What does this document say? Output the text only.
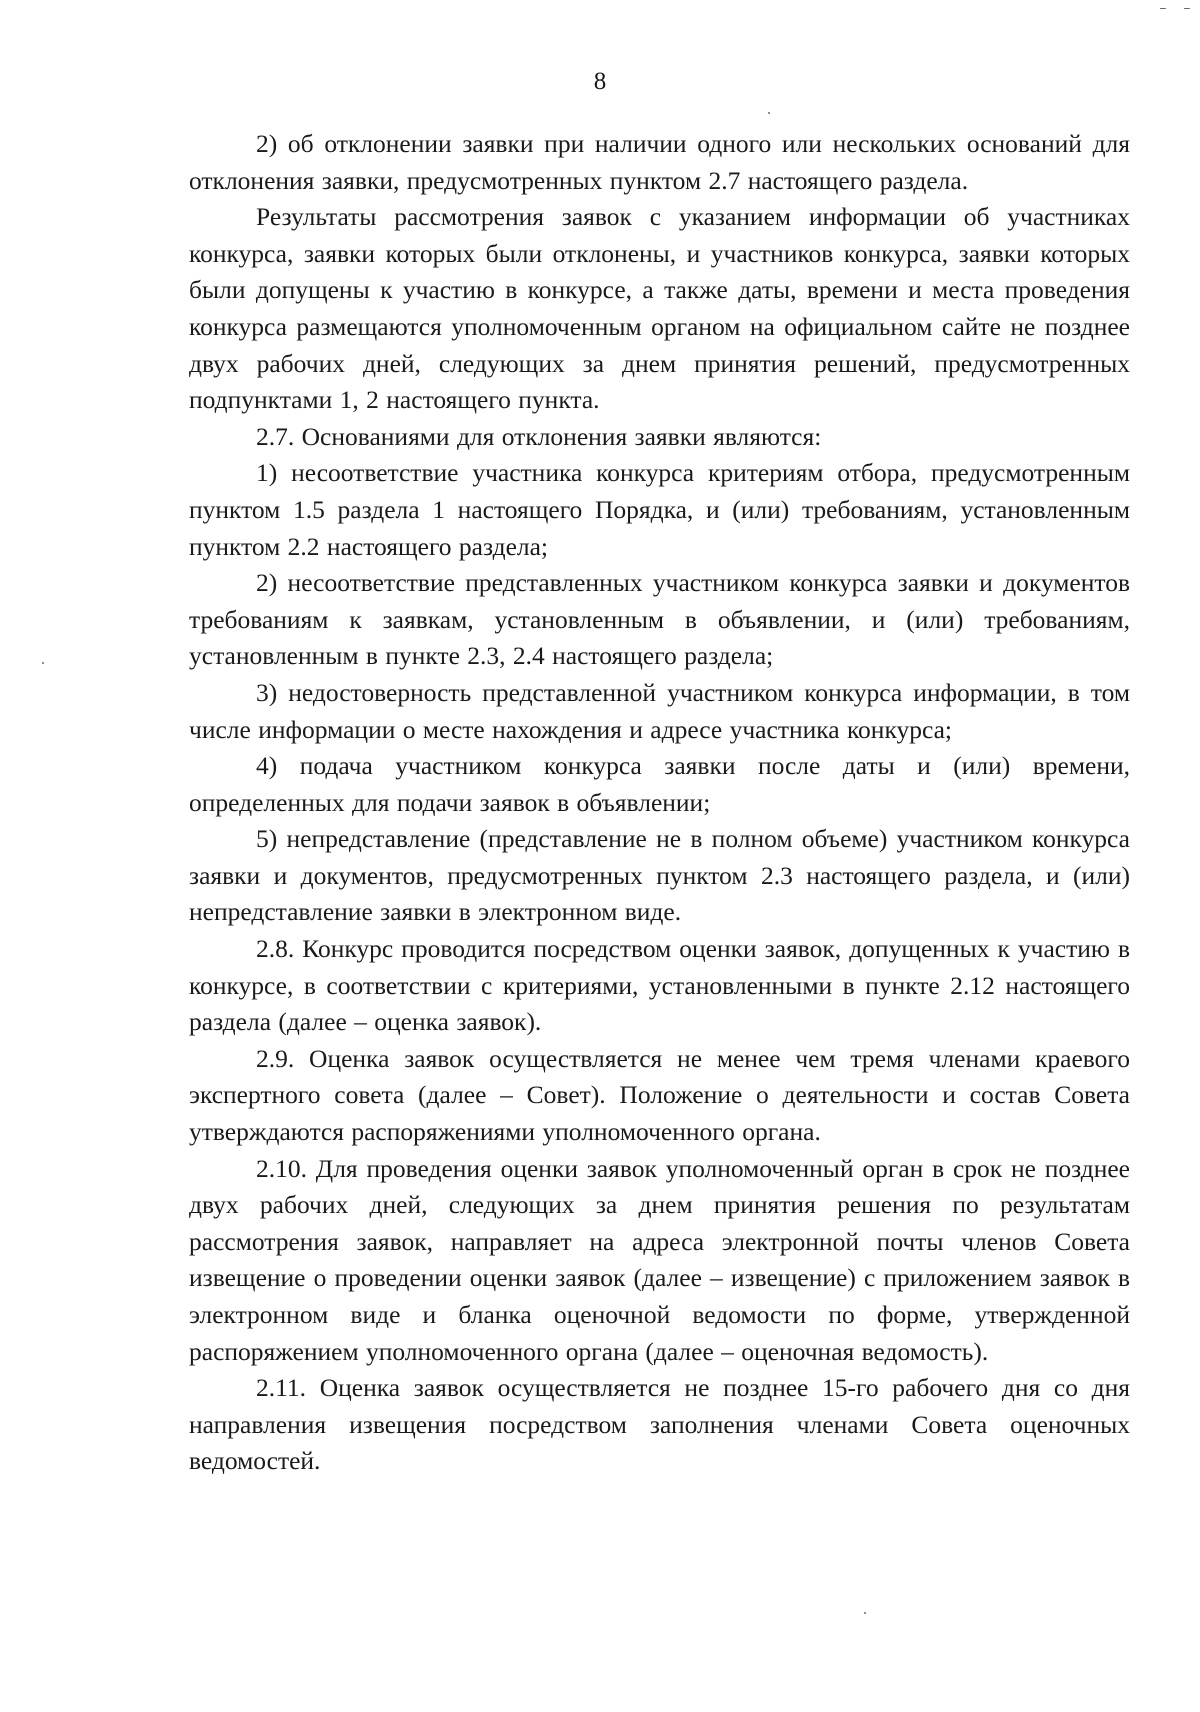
8

2) об отклонении заявки при наличии одного или нескольких оснований для отклонения заявки, предусмотренных пунктом 2.7 настоящего раздела.

Результаты рассмотрения заявок с указанием информации об участниках конкурса, заявки которых были отклонены, и участников конкурса, заявки которых были допущены к участию в конкурсе, а также даты, времени и места проведения конкурса размещаются уполномоченным органом на официальном сайте не позднее двух рабочих дней, следующих за днем принятия решений, предусмотренных подпунктами 1, 2 настоящего пункта.

2.7. Основаниями для отклонения заявки являются:

1) несоответствие участника конкурса критериям отбора, предусмотренным пунктом 1.5 раздела 1 настоящего Порядка, и (или) требованиям, установленным пунктом 2.2 настоящего раздела;

2) несоответствие представленных участником конкурса заявки и документов требованиям к заявкам, установленным в объявлении, и (или) требованиям, установленным в пункте 2.3, 2.4 настоящего раздела;

3) недостоверность представленной участником конкурса информации, в том числе информации о месте нахождения и адресе участника конкурса;

4) подача участником конкурса заявки после даты и (или) времени, определенных для подачи заявок в объявлении;

5) непредставление (представление не в полном объеме) участником конкурса заявки и документов, предусмотренных пунктом 2.3 настоящего раздела, и (или) непредставление заявки в электронном виде.

2.8. Конкурс проводится посредством оценки заявок, допущенных к участию в конкурсе, в соответствии с критериями, установленными в пункте 2.12 настоящего раздела (далее – оценка заявок).

2.9. Оценка заявок осуществляется не менее чем тремя членами краевого экспертного совета (далее – Совет). Положение о деятельности и состав Совета утверждаются распоряжениями уполномоченного органа.

2.10. Для проведения оценки заявок уполномоченный орган в срок не позднее двух рабочих дней, следующих за днем принятия решения по результатам рассмотрения заявок, направляет на адреса электронной почты членов Совета извещение о проведении оценки заявок (далее – извещение) с приложением заявок в электронном виде и бланка оценочной ведомости по форме, утвержденной распоряжением уполномоченного органа (далее – оценочная ведомость).

2.11. Оценка заявок осуществляется не позднее 15-го рабочего дня со дня направления извещения посредством заполнения членами Совета оценочных ведомостей.
